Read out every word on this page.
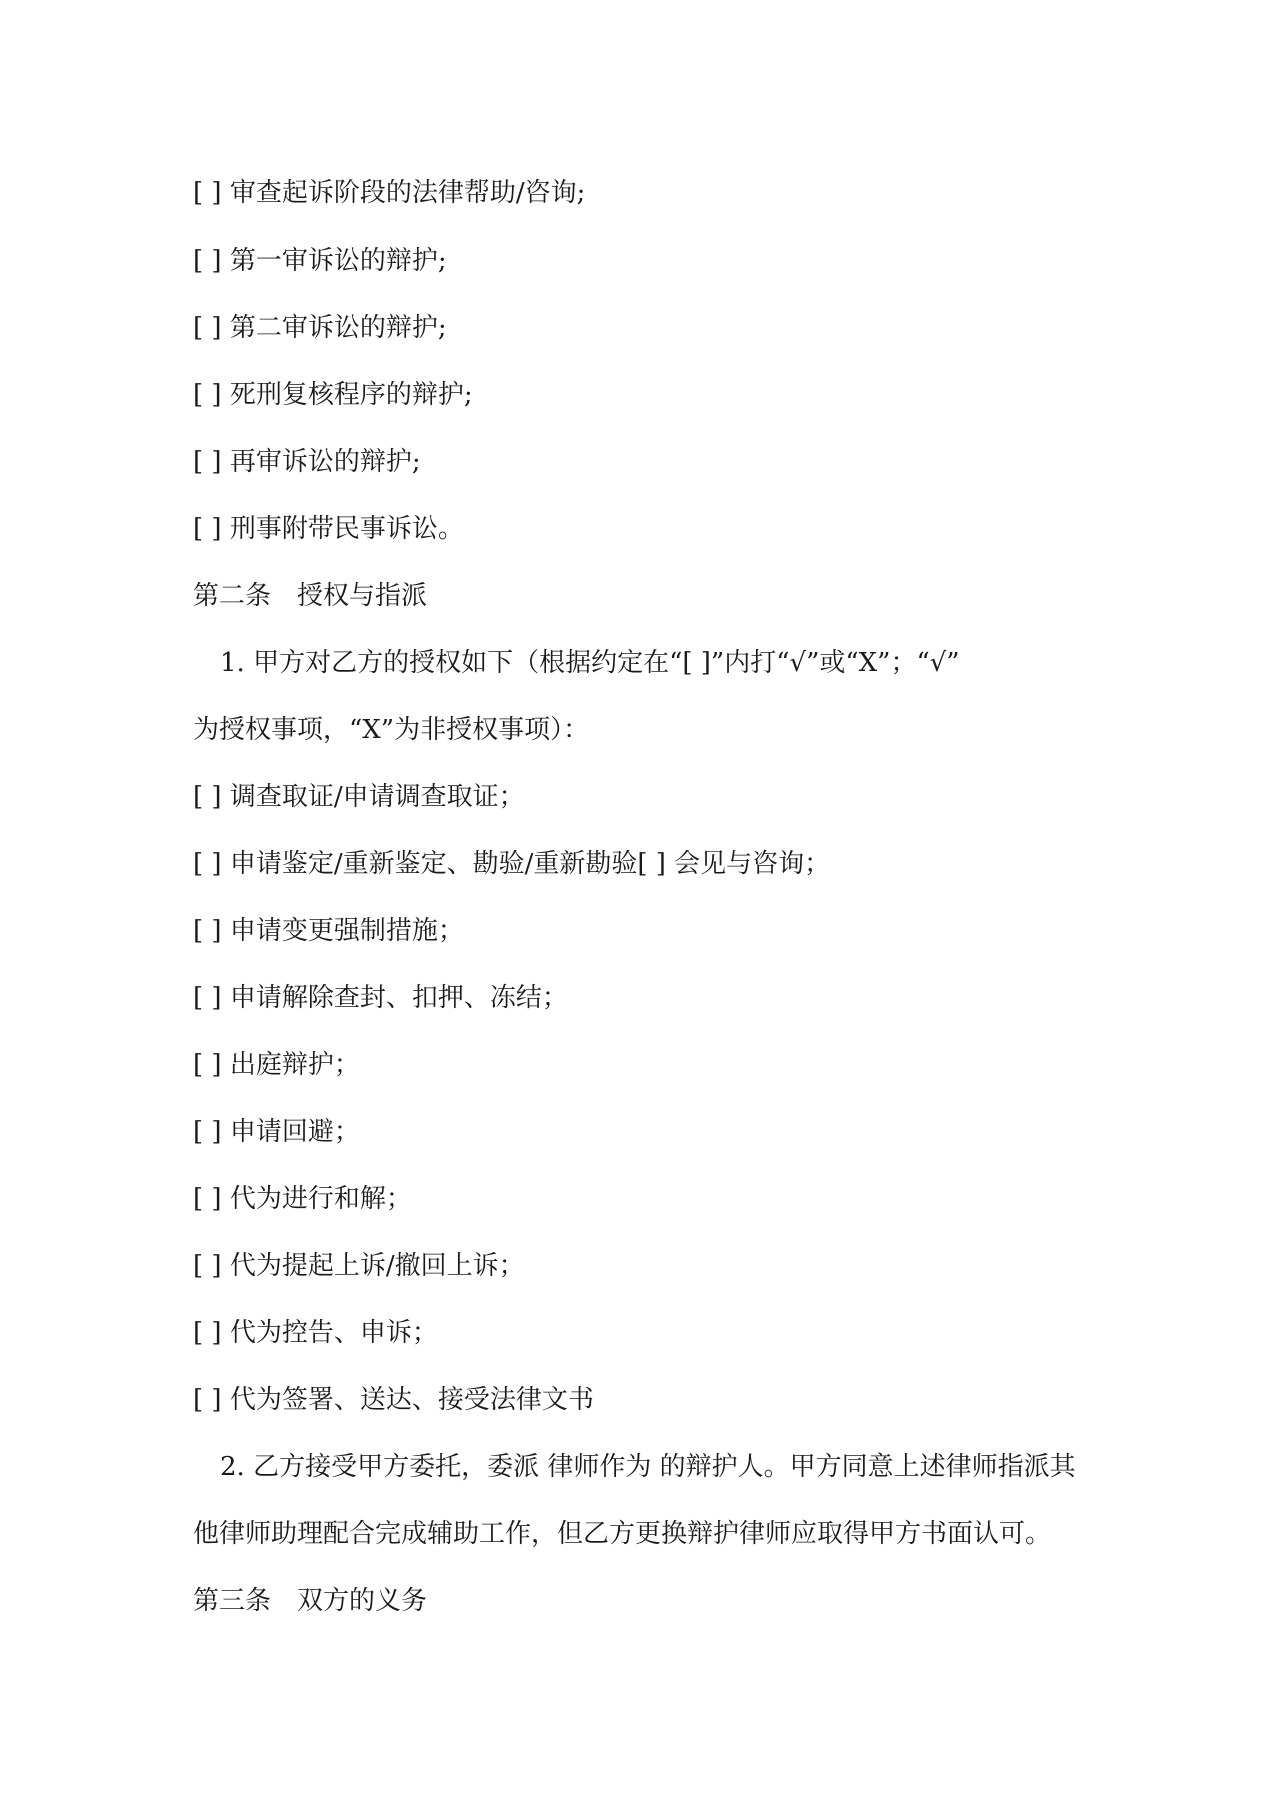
[ ] 审查起诉阶段的法律帮助/咨询;
[ ] 第一审诉讼的辩护;
[ ] 第二审诉讼的辩护;
[ ] 死刑复核程序的辩护;
[ ] 再审诉讼的辩护;
[ ] 刑事附带民事诉讼。
第二条　授权与指派
1. 甲方对乙方的授权如下（根据约定在“[ ]”内打“√”或“X”；“√”
为授权事项，“X”为非授权事项）：
[ ] 调查取证/申请调查取证；
[ ] 申请鉴定/重新鉴定、勘验/重新勘验[ ] 会见与咨询；
[ ] 申请变更强制措施；
[ ] 申请解除查封、扣押、冻结；
[ ] 出庭辩护；
[ ] 申请回避；
[ ] 代为进行和解；
[ ] 代为提起上诉/撤回上诉；
[ ] 代为控告、申诉；
[ ] 代为签署、送达、接受法律文书
2. 乙方接受甲方委托，委派 律师作为 的辩护人。甲方同意上述律师指派其
他律师助理配合完成辅助工作，但乙方更换辩护律师应取得甲方书面认可。
第三条　双方的义务
